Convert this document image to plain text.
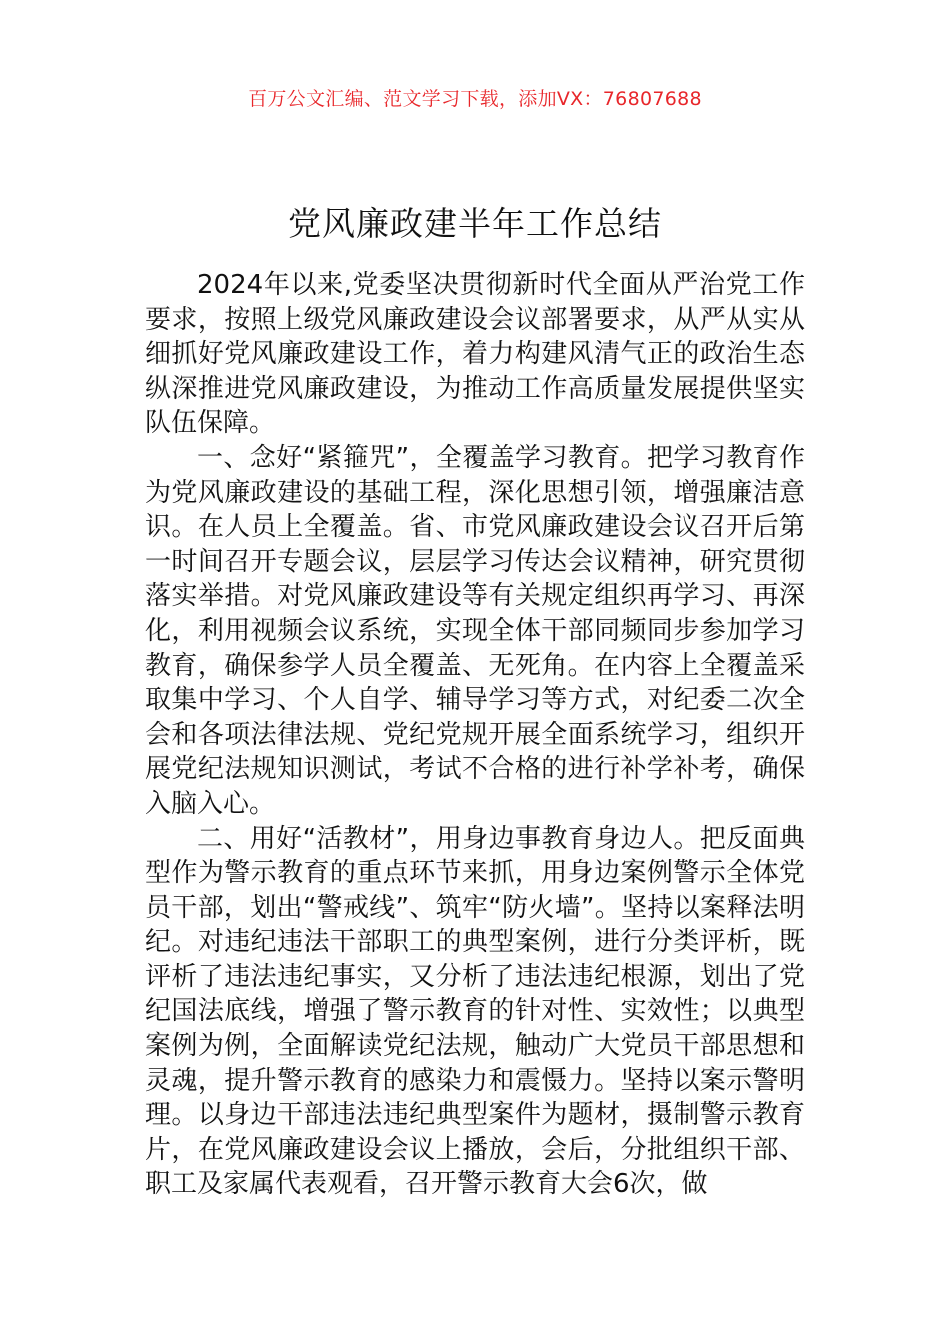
百万公文汇编、范文学习下载，添加VX：76807688
党风廉政建半年工作总结

2024年以来,党委坚决贯彻新时代全面从严治党工作要求，按照上级党风廉政建设会议部署要求，从严从实从细抓好党风廉政建设工作，着力构建风清气正的政治生态纵深推进党风廉政建设，为推动工作高质量发展提供坚实队伍保障。

一、念好“紧箍咒”，全覆盖学习教育。把学习教育作为党风廉政建设的基础工程，深化思想引领，增强廉洁意识。在人员上全覆盖。省、市党风廉政建设会议召开后第一时间召开专题会议，层层学习传达会议精神，研究贯彻落实举措。对党风廉政建设等有关规定组织再学习、再深化，利用视频会议系统，实现全体干部同频同步参加学习教育，确保参学人员全覆盖、无死角。在内容上全覆盖采取集中学习、个人自学、辅导学习等方式，对纪委二次全会和各项法律法规、党纪党规开展全面系统学习，组织开展党纪法规知识测试，考试不合格的进行补学补考，确保入脑入心。

二、用好“活教材”，用身边事教育身边人。把反面典型作为警示教育的重点环节来抓，用身边案例警示全体党员干部，划出“警戒线”、筑牢“防火墙”。坚持以案释法明纪。对违纪违法干部职工的典型案例，进行分类评析，既评析了违法违纪事实，又分析了违法违纪根源，划出了党纪国法底线，增强了警示教育的针对性、实效性；以典型案例为例，全面解读党纪法规，触动广大党员干部思想和灵魂，提升警示教育的感染力和震慑力。坚持以案示警明理。以身边干部违法违纪典型案件为题材，摄制警示教育片，在党风廉政建设会议上播放，会后，分批组织干部、职工及家属代表观看，召开警示教育大会6次，做
